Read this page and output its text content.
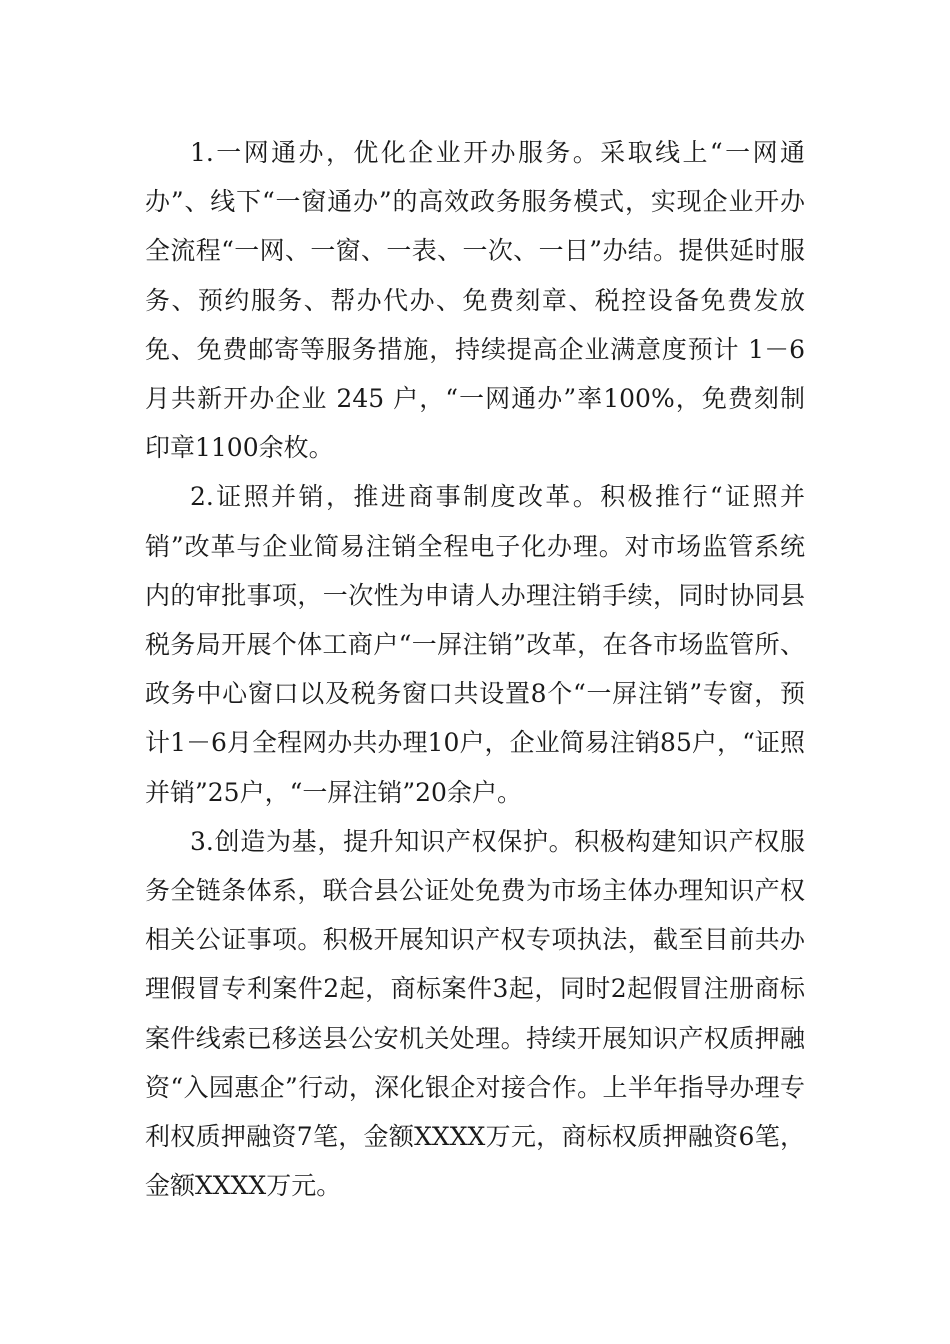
1.一网通办，优化企业开办服务。采取线上“一网通办”、线下“一窗通办”的高效政务服务模式，实现企业开办全流程“一网、一窗、一表、一次、一日”办结。提供延时服务、预约服务、帮办代办、免费刻章、税控设备免费发放免、免费邮寄等服务措施，持续提高企业满意度预计 1－6 月共新开办企业 245 户，“一网通办”率100%，免费刻制印章1100余枚。

2.证照并销，推进商事制度改革。积极推行“证照并销”改革与企业简易注销全程电子化办理。对市场监管系统内的审批事项，一次性为申请人办理注销手续，同时协同县税务局开展个体工商户“一屏注销”改革，在各市场监管所、政务中心窗口以及税务窗口共设置8个“一屏注销”专窗，预计1－6月全程网办共办理10户，企业简易注销85户，“证照并销”25户，“一屏注销”20余户。

3.创造为基，提升知识产权保护。积极构建知识产权服务全链条体系，联合县公证处免费为市场主体办理知识产权相关公证事项。积极开展知识产权专项执法，截至目前共办理假冒专利案件2起，商标案件3起，同时2起假冒注册商标案件线索已移送县公安机关处理。持续开展知识产权质押融资“入园惠企”行动，深化银企对接合作。上半年指导办理专利权质押融资7笔，金额XXXX万元，商标权质押融资6笔，金额XXXX万元。
